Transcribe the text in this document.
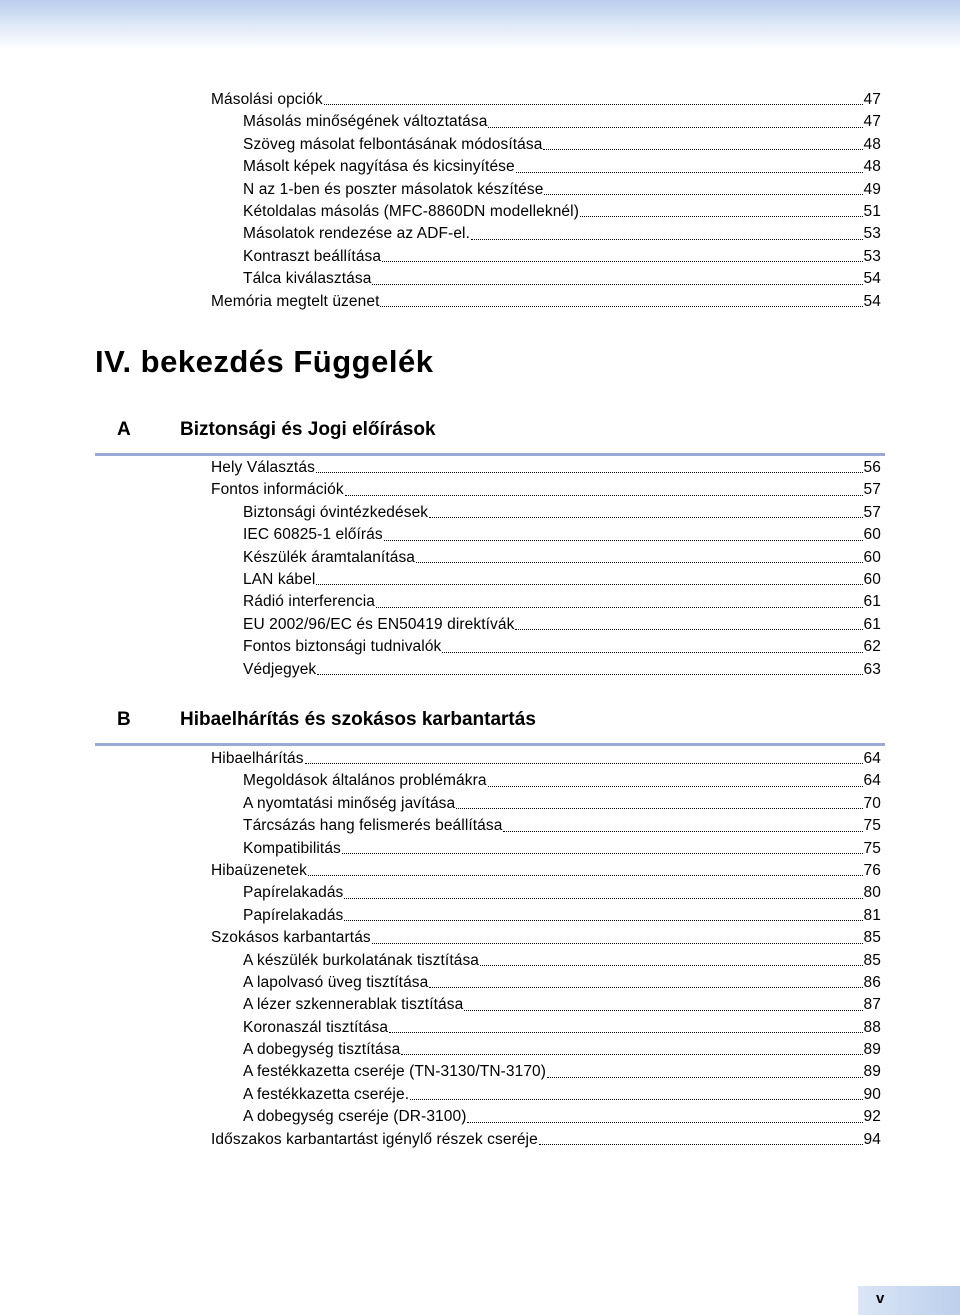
Másolási opciók	47
Másolás minőségének változtatása	47
Szöveg másolat felbontásának módosítása	48
Másolt képek nagyítása és kicsinyítése	48
N az 1-ben és poszter másolatok készítése	49
Kétoldalas másolás (MFC-8860DN modelleknél)	51
Másolatok rendezése az ADF-el.	53
Kontraszt beállítása	53
Tálca kiválasztása	54
Memória megtelt üzenet	54
IV. bekezdés Függelék
A	Biztonsági és Jogi előírások
Hely Választás	56
Fontos információk	57
Biztonsági óvintézkedések	57
IEC 60825-1 előírás	60
Készülék áramtalanítása	60
LAN kábel	60
Rádió interferencia	61
EU 2002/96/EC és EN50419 direktívák	61
Fontos biztonsági tudnivalók	62
Védjegyek	63
B	Hibaelhárítás és szokásos karbantartás
Hibaelhárítás	64
Megoldások általános problémákra	64
A nyomtatási minőség javítása	70
Tárcsázás hang felismerés beállítása	75
Kompatibilitás	75
Hibaüzenetek	76
Papírelakadás	80
Papírelakadás	81
Szokásos karbantartás	85
A készülék burkolatának tisztítása	85
A lapolvasó üveg tisztítása	86
A lézer szkennerablak tisztítása	87
Koronaszál tisztítása	88
A dobegység tisztítása	89
A festékkazetta cseréje (TN-3130/TN-3170)	89
A festékkazetta cseréje.	90
A dobegység cseréje (DR-3100)	92
Időszakos karbantartást igénylő részek cseréje	94
v
